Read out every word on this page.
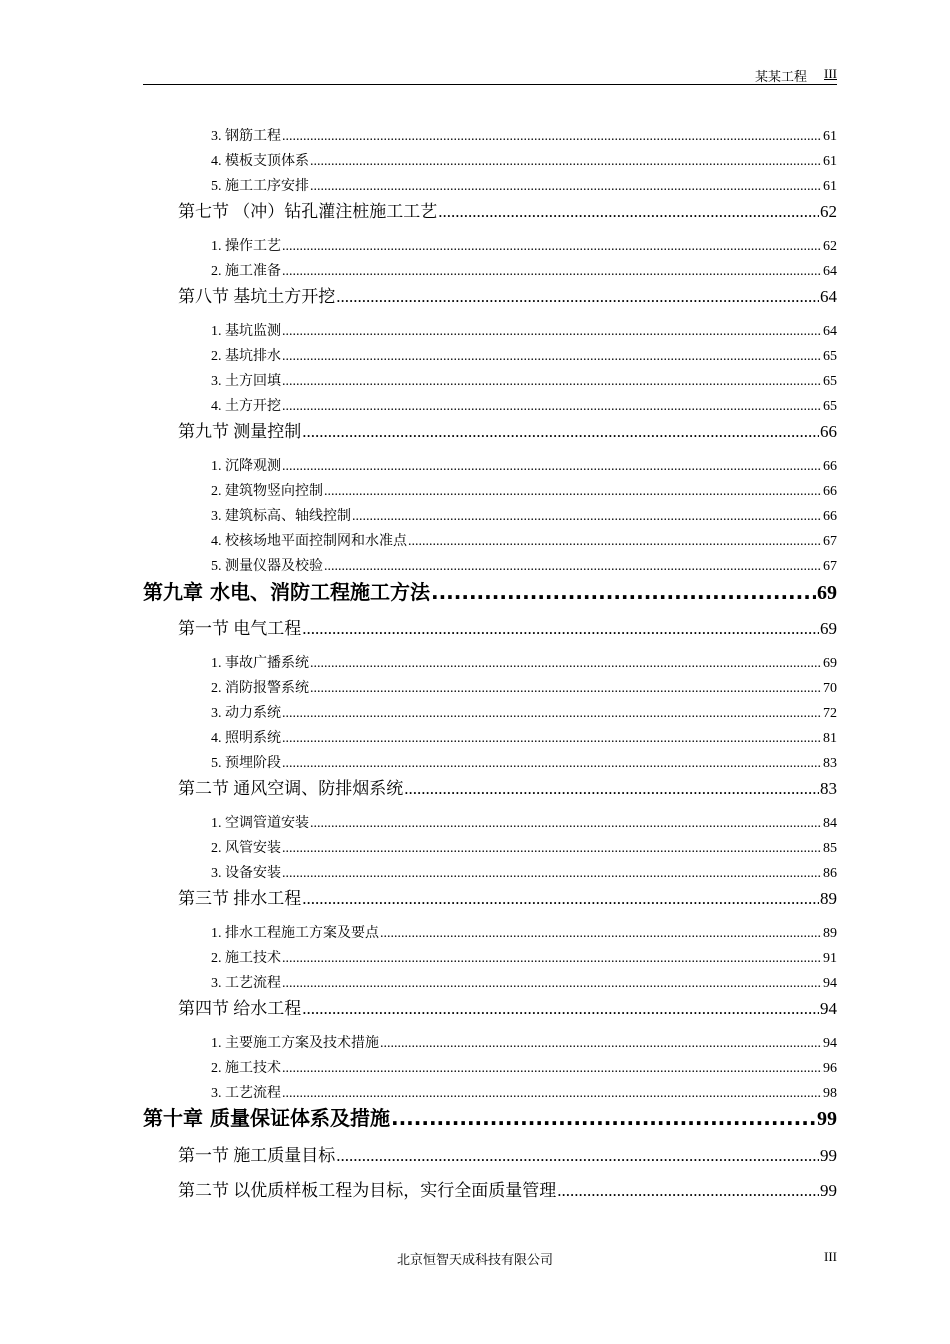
某某工程 III
3. 钢筋工程 .....	61
4. 模板支顶体系 .....	61
5. 施工工序安排 .....	61
第七节 （冲）钻孔灌注桩施工工艺 .....	62
1. 操作工艺 .....	62
2. 施工准备 .....	64
第八节 基坑土方开挖 .....	64
1. 基坑监测 .....	64
2. 基坑排水 .....	65
3. 土方回填 .....	65
4. 土方开挖 .....	65
第九节 测量控制 .....	66
1. 沉降观测 .....	66
2. 建筑物竖向控制 .....	66
3. 建筑标高、轴线控制 .....	66
4. 校核场地平面控制网和水准点 .....	67
5. 测量仪器及校验 .....	67
第九章 水电、消防工程施工方法 .....	69
第一节 电气工程 .....	69
1. 事故广播系统 .....	69
2. 消防报警系统 .....	70
3. 动力系统 .....	72
4. 照明系统 .....	81
5. 预埋阶段 .....	83
第二节 通风空调、防排烟系统 .....	83
1. 空调管道安装 .....	84
2. 风管安装 .....	85
3. 设备安装 .....	86
第三节 排水工程 .....	89
1. 排水工程施工方案及要点 .....	89
2. 施工技术 .....	91
3. 工艺流程 .....	94
第四节 给水工程 .....	94
1. 主要施工方案及技术措施 .....	94
2. 施工技术 .....	96
3. 工艺流程 .....	98
第十章 质量保证体系及措施 .....	99
第一节 施工质量目标 .....	99
第二节 以优质样板工程为目标，实行全面质量管理 .....	99
北京恒智天成科技有限公司	III
